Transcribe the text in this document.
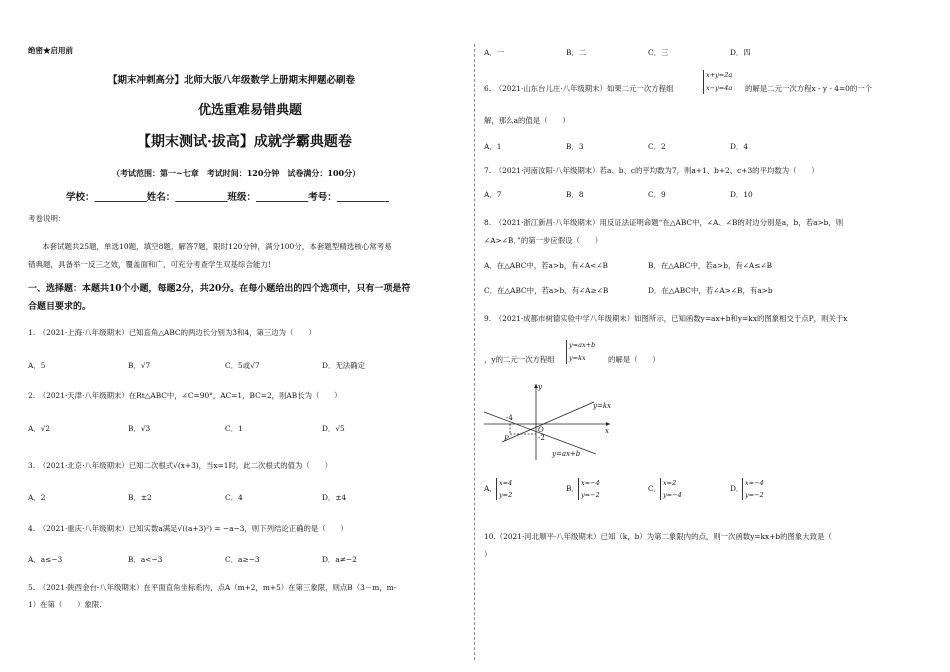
绝密★启用前
【期末冲刺高分】北师大版八年级数学上册期末押题必刷卷
优选重难易错典题
【期末测试·拔高】成就学霸典题卷
（考试范围：第一~七章　考试时间：120分钟　试卷满分：100分）
学校：___________姓名：___________班级：___________考号：___________
考卷说明：
本套试题共25题，单选10题，填空8题，解答7题，限时120分钟，满分100分，本套题型精选核心常考易
错典题，具备举一反三之效，覆盖面和广，可充分考查学生双基综合能力!
一、选择题：本题共10个小题，每题2分，共20分。在每小题给出的四个选项中，只有一项是符
合题目要求的。
1.　（2021·上海·八年级期末）已知直角△ABC的两边长分别为3和4，第三边为（　　）
A．5	B．√7	C．5或√7	D．无法确定
2.　（2021·天津·八年级期末）在Rt△ABC中，∠C=90°，AC=1，BC=2，则AB长为（　　）
A．√2	B．√3	C．1	D．√5
3.　（2021·北京·八年级期末）已知二次根式√(x+3)，当x=1时，此二次根式的值为（　　）
A．2	B．±2	C．4	D．±4
4.　（2021·重庆·八年级期末）已知实数a满足√((a+3)²) = −a−3，则下列结论正确的是（　　）
A．a≤−3	B．a<−3	C．a≥−3	D．a≠−2
5.　（2021·陕西金台·八年级期末）在平面直角坐标系内，点A（m+2，m+5）在第三象限，则点B（3－m，m-
1）在第（　　）象限.
A．一	B．二	C．三	D．四
6.　（2021·山东台儿庄·八年级期末）如果二元一次方程组
x+y=2a
x−y=4a 的解是二元一次方程x - y - 4=0的一个
解，那么a的值是（　　）
A．1	B．3	C．2	D．4
7.　（2021·河南汝阳·八年级期末）若a、b、c的平均数为7，则a+1、b+2、c+3的平均数为（　　）
A．7	B．8	C．9	D．10
8.　（2021·浙江新昌·八年级期末）用反证法证明命题“在△ABC中，∠A、∠B的对边分别是a，b，若a>b，则
∠A>∠B．”的第一步应假设（　　）
A．在△ABC中，若a>b，有∠A<∠B	B．在△ABC中，若a>b，有∠A≤∠B
C．在△ABC中，若a>b，有∠A≥∠B	D．在△ABC中，若∠A>∠B，有a>b
9.　（2021·成都市树德实验中学八年级期末）如图所示，已知函数y=ax+b和y=kx的图象相交于点P，则关于x
，y的二元一次方程组
y=ax+b
y=kx	的解是（　　）
y=kx
y=ax+b
x
y
O
P
-4
-2
A．
x=4
y=2
B．
x=−4
y=−2
C．
x=2
y=−4
D．
x=−4
y=−2
10.（2021·河北顺平·八年级期末）已知（k，b）为第二象限内的点，则一次函数y=kx+b的图象大致是（
）
